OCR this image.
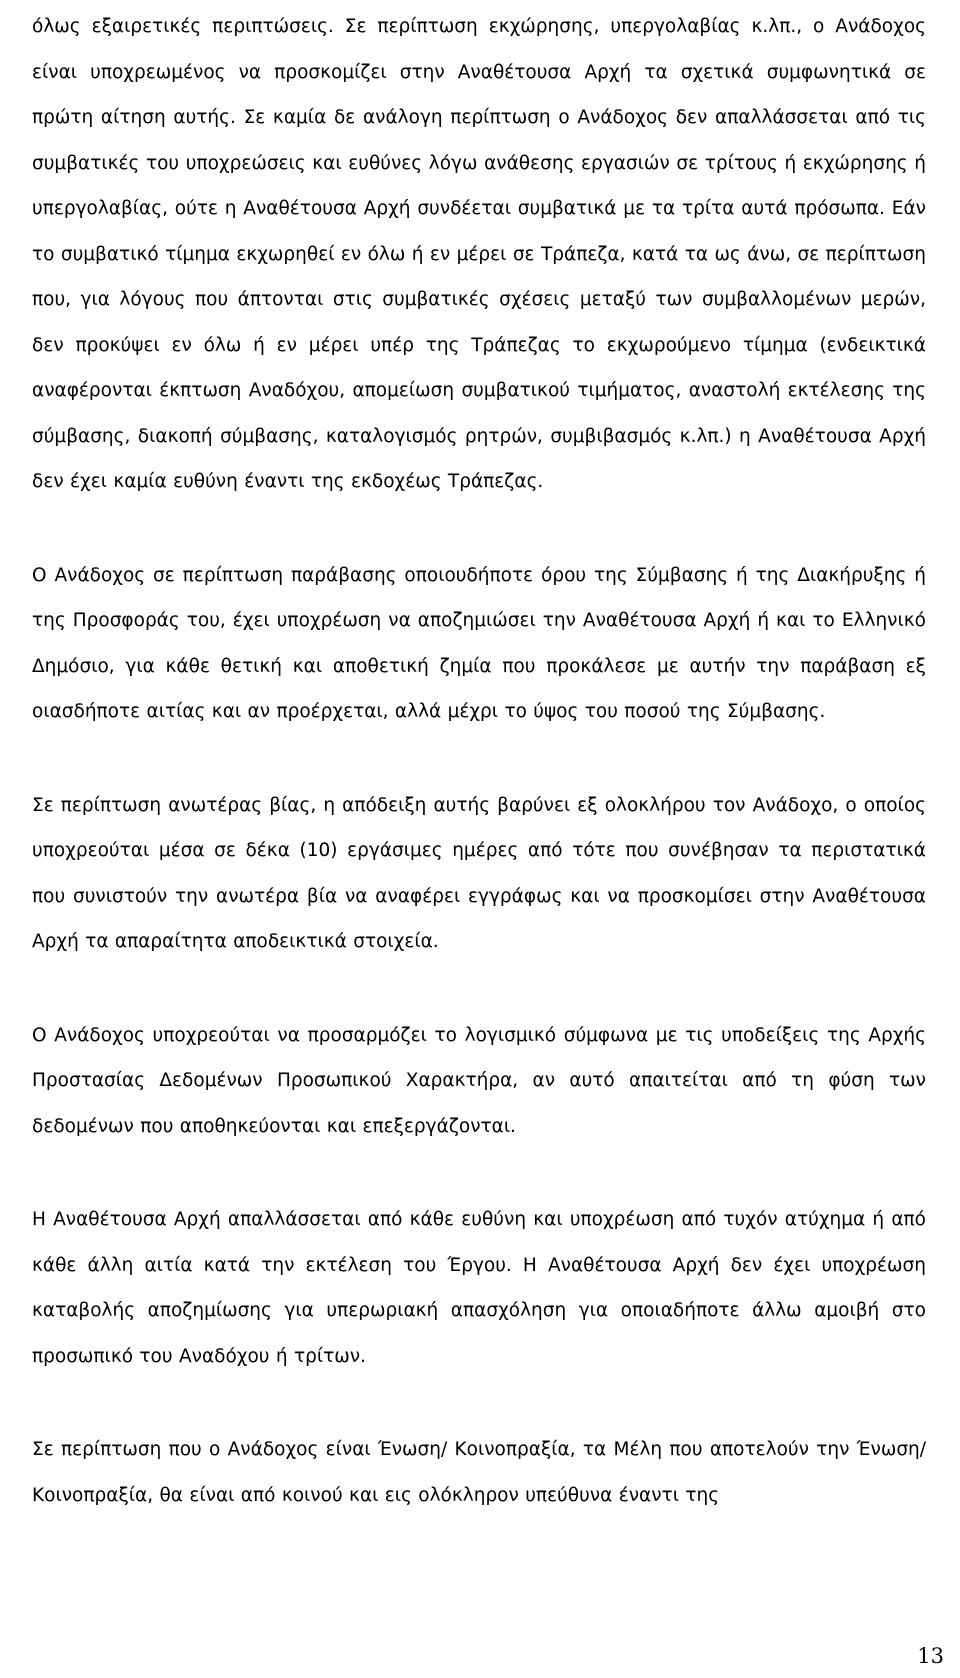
όλως εξαιρετικές περιπτώσεις. Σε περίπτωση εκχώρησης, υπεργολαβίας κ.λπ., ο Ανάδοχος είναι υποχρεωμένος να προσκομίζει στην Αναθέτουσα Αρχή τα σχετικά συμφωνητικά σε πρώτη αίτηση αυτής. Σε καμία δε ανάλογη περίπτωση ο Ανάδοχος δεν απαλλάσσεται από τις συμβατικές του υποχρεώσεις και ευθύνες λόγω ανάθεσης εργασιών σε τρίτους ή εκχώρησης ή υπεργολαβίας, ούτε η Αναθέτουσα Αρχή συνδέεται συμβατικά με τα τρίτα αυτά πρόσωπα. Εάν το συμβατικό τίμημα εκχωρηθεί εν όλω ή εν μέρει σε Τράπεζα, κατά τα ως άνω, σε περίπτωση που, για λόγους που άπτονται στις συμβατικές σχέσεις μεταξύ των συμβαλλομένων μερών, δεν προκύψει εν όλω ή εν μέρει υπέρ της Τράπεζας το εκχωρούμενο τίμημα (ενδεικτικά αναφέρονται έκπτωση Αναδόχου, απομείωση συμβατικού τιμήματος, αναστολή εκτέλεσης της σύμβασης, διακοπή σύμβασης, καταλογισμός ρητρών, συμβιβασμός κ.λπ.) η Αναθέτουσα Αρχή δεν έχει καμία ευθύνη έναντι της εκδοχέως Τράπεζας.

Ο Ανάδοχος σε περίπτωση παράβασης οποιουδήποτε όρου της Σύμβασης ή της Διακήρυξης ή της Προσφοράς του, έχει υποχρέωση να αποζημιώσει την Αναθέτουσα Αρχή ή και το Ελληνικό Δημόσιο, για κάθε θετική και αποθετική ζημία που προκάλεσε με αυτήν την παράβαση εξ οιασδήποτε αιτίας και αν προέρχεται, αλλά μέχρι το ύψος του ποσού της Σύμβασης.

Σε περίπτωση ανωτέρας βίας, η απόδειξη αυτής βαρύνει εξ ολοκλήρου τον Ανάδοχο, ο οποίος υποχρεούται μέσα σε δέκα (10) εργάσιμες ημέρες από τότε που συνέβησαν τα περιστατικά που συνιστούν την ανωτέρα βία να αναφέρει εγγράφως και να προσκομίσει στην Αναθέτουσα Αρχή τα απαραίτητα αποδεικτικά στοιχεία.

Ο Ανάδοχος υποχρεούται να προσαρμόζει το λογισμικό σύμφωνα με τις υποδείξεις της Αρχής Προστασίας Δεδομένων Προσωπικού Χαρακτήρα, αν αυτό απαιτείται από τη φύση των δεδομένων που αποθηκεύονται και επεξεργάζονται.

Η Αναθέτουσα Αρχή απαλλάσσεται από κάθε ευθύνη και υποχρέωση από τυχόν ατύχημα ή από κάθε άλλη αιτία κατά την εκτέλεση του Έργου. Η Αναθέτουσα Αρχή δεν έχει υποχρέωση καταβολής αποζημίωσης για υπερωριακή απασχόληση για οποιαδήποτε άλλω αμοιβή στο προσωπικό του Αναδόχου ή τρίτων.

Σε περίπτωση που ο Ανάδοχος είναι Ένωση/ Κοινοπραξία, τα Μέλη που αποτελούν την Ένωση/ Κοινοπραξία, θα είναι από κοινού και εις ολόκληρον υπεύθυνα έναντι της

13
